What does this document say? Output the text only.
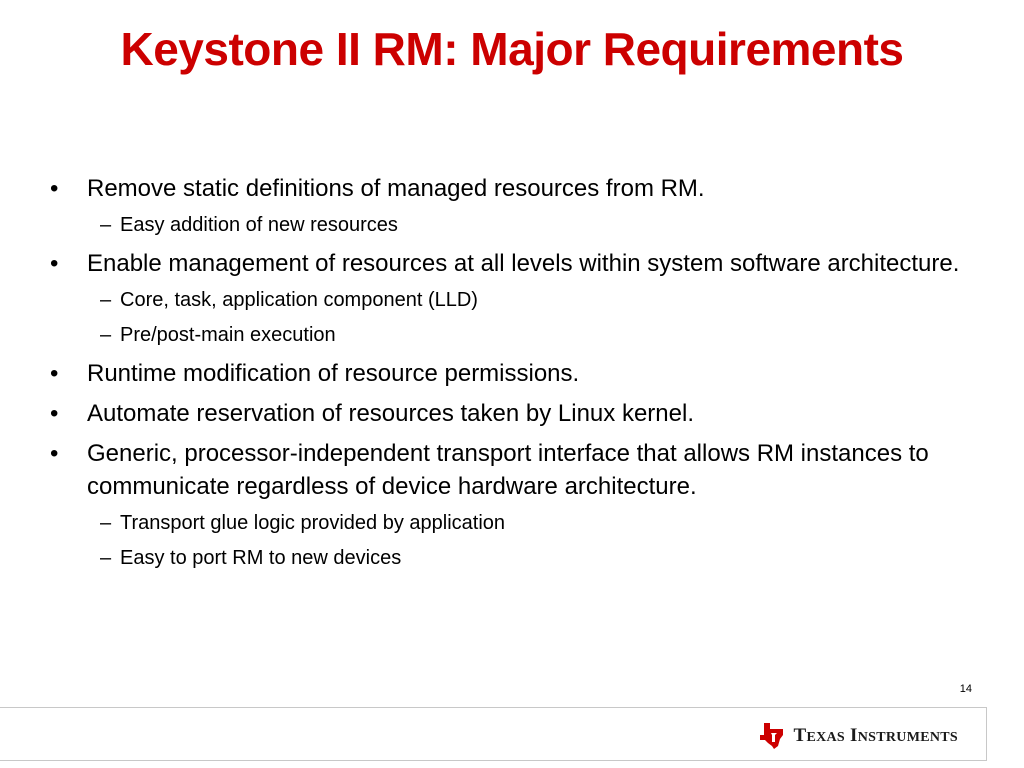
Keystone II RM: Major Requirements
• Remove static definitions of managed resources from RM.
– Easy addition of new resources
• Enable management of resources at all levels within system software architecture.
– Core, task, application component (LLD)
– Pre/post-main execution
• Runtime modification of resource permissions.
• Automate reservation of resources taken by Linux kernel.
• Generic, processor-independent transport interface that allows RM instances to communicate regardless of device hardware architecture.
– Transport glue logic provided by application
– Easy to port RM to new devices
14
TEXAS INSTRUMENTS
